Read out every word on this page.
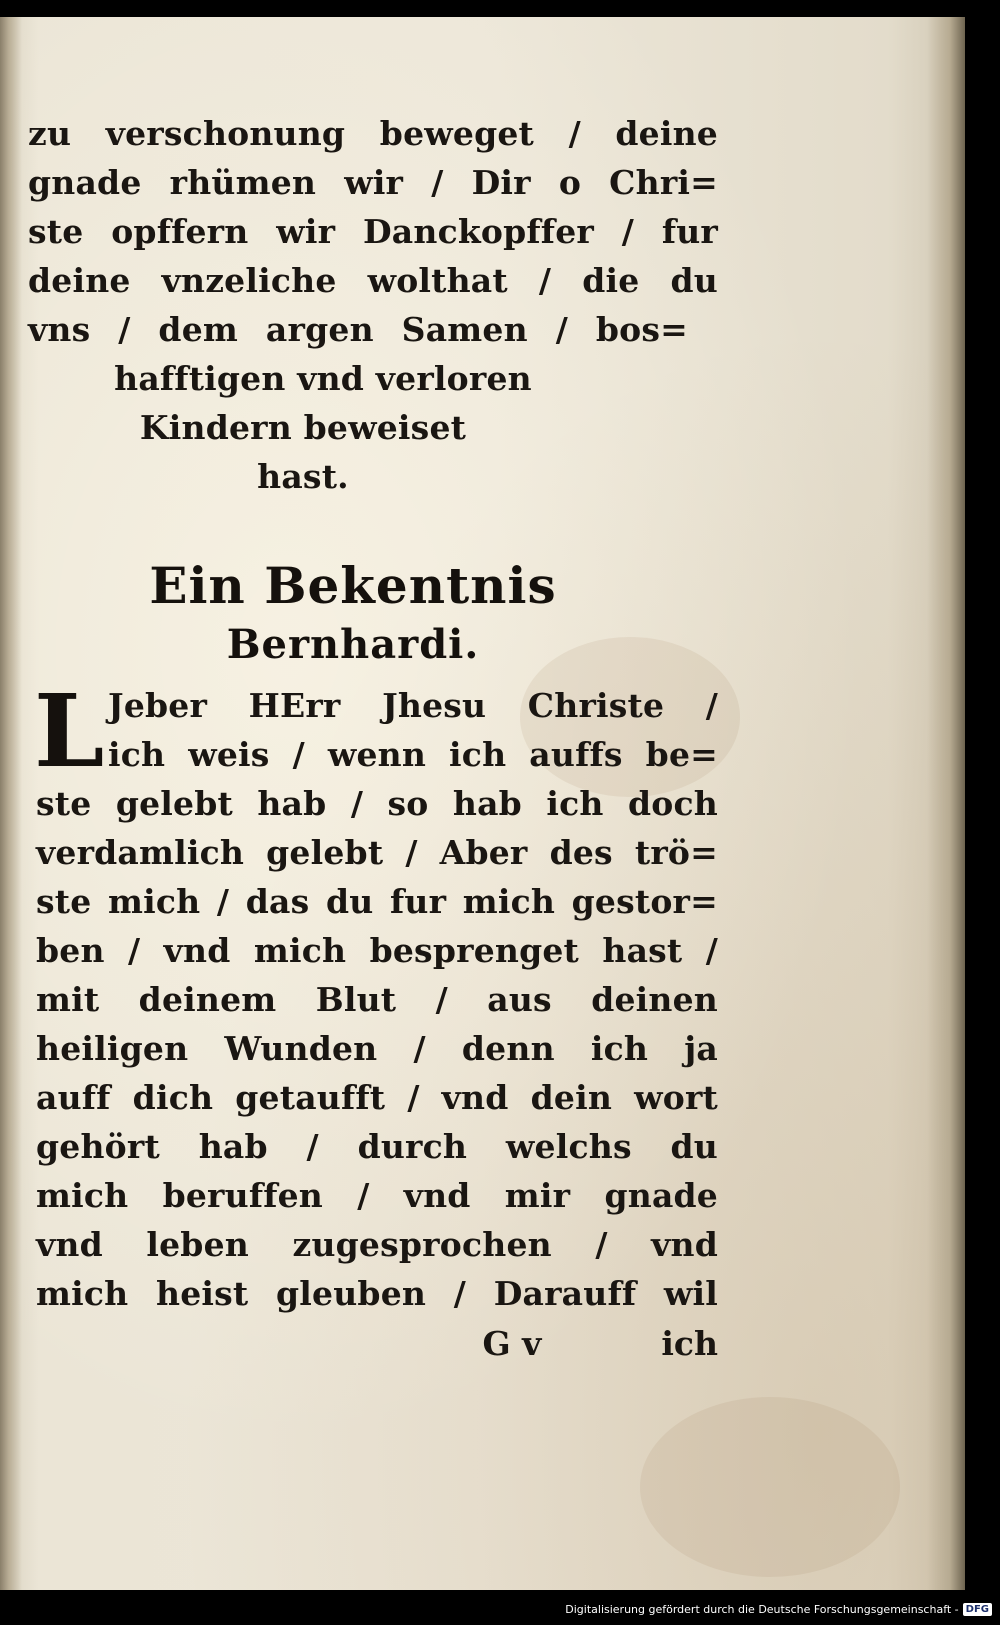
zu verschonung beweget / deine
gnade rhümen wir / Dir o Chri=
ste opffern wir Danckopffer / fur
deine vnzeliche wolthat / die du
vns / dem argen Samen / bos=
hafftigen vnd verloren
Kindern beweiset
hast.
Ein Bekentnis
Bernhardi.
L Jeber HErr Jhesu Christe /
ich weis / wenn ich auffs be=
ste gelebt hab / so hab ich doch
verdamlich gelebt / Aber des trö=
ste mich / das du fur mich gestor=
ben / vnd mich besprenget hast /
mit deinem Blut / aus deinen
heiligen Wunden / denn ich ja
auff dich getaufft / vnd dein wort
gehört hab / durch welchs du
mich beruffen / vnd mir gnade
vnd leben zugesprochen / vnd
mich heist gleuben / Darauff wil
G v	ich
Digitalisierung gefördert durch die Deutsche Forschungsgemeinschaft - DFG
